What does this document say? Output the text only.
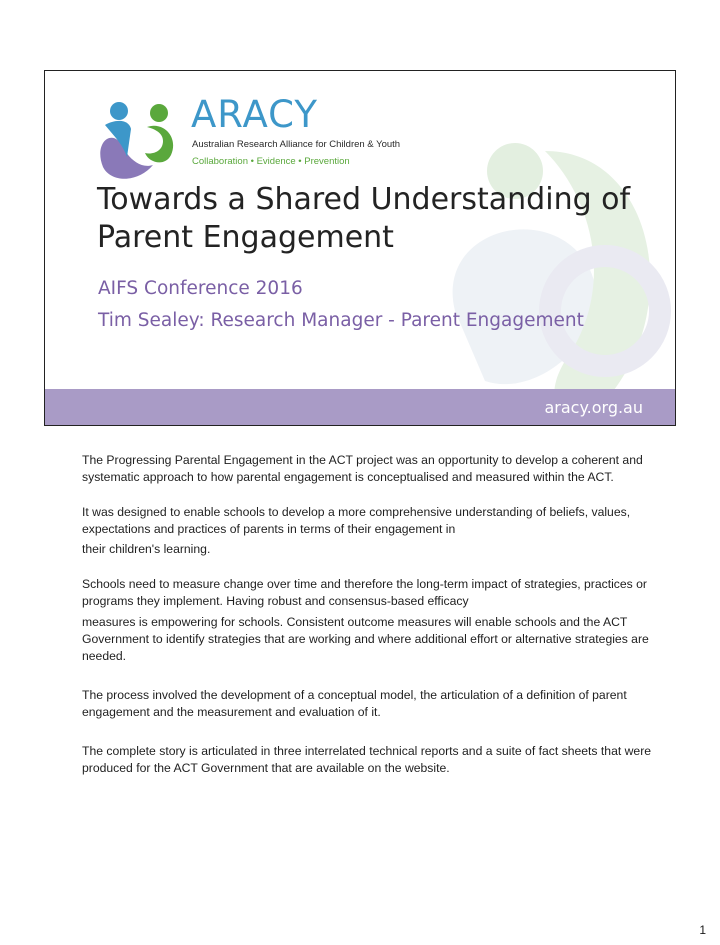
ARACY
Australian Research Alliance for Children & Youth
Collaboration • Evidence • Prevention
Towards a Shared Understanding of Parent Engagement
AIFS Conference 2016
Tim Sealey: Research Manager - Parent Engagement
aracy.org.au

The Progressing Parental Engagement in the ACT project was an opportunity to develop a coherent and systematic approach to how parental engagement is conceptualised and measured within the ACT.

It was designed to enable schools to develop a more comprehensive understanding of beliefs, values, expectations and practices of parents in terms of their engagement in

their children's learning.

Schools need to measure change over time and therefore the long-term impact of strategies, practices or programs they implement. Having robust and consensus-based efficacy

measures is empowering for schools. Consistent outcome measures will enable schools and the ACT Government to identify strategies that are working and where additional effort or alternative strategies are needed.

The process involved the development of a conceptual model, the articulation of a definition of parent engagement and the measurement and evaluation of it.

The complete story is articulated in three interrelated technical reports and a suite of fact sheets that were produced for the ACT Government that are available on the website.

1
